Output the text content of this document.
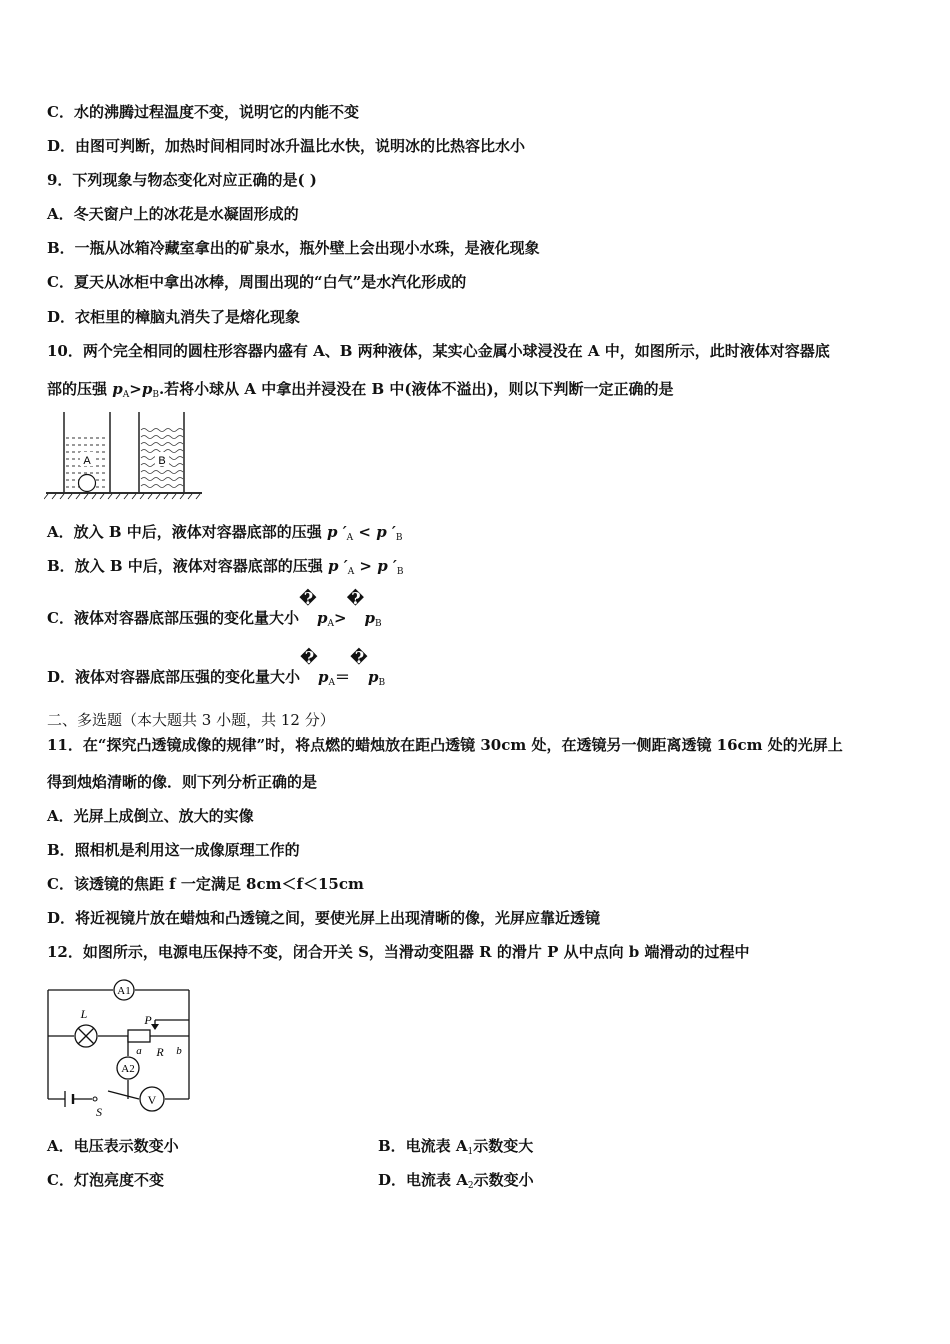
C．水的沸腾过程温度不变，说明它的内能不变
D．由图可判断，加热时间相同时冰升温比水快，说明冰的比热容比水小
9．下列现象与物态变化对应正确的是( )
A．冬天窗户上的冰花是水凝固形成的
B．一瓶从冰箱冷藏室拿出的矿泉水，瓶外壁上会出现小水珠，是液化现象
C．夏天从冰柜中拿出冰棒，周围出现的“白气”是水汽化形成的
D．衣柜里的樟脑丸消失了是熔化现象
10．两个完全相同的圆柱形容器内盛有 A、B 两种液体，某实心金属小球浸没在 A 中，如图所示，此时液体对容器底
部的压强 $p_A>p_B$.若将小球从 A 中拿出并浸没在 B 中(液体不溢出)，则以下判断一定正确的是
A	B
A．放入 B 中后，液体对容器底部的压强 p $'_A < p$ $'_B$
B．放入 B 中后，液体对容器底部的压强 p $'_A > p$ $'_B$
C．液体对容器底部压强的变化量大小
�
$p_A>$
�
$p_B$
D．液体对容器底部压强的变化量大小
�
$p_A=$
�
$p_B$
二、多选题（本大题共 3 小题，共 12 分）
11．在“探究凸透镜成像的规律”时，将点燃的蜡烛放在距凸透镜 30cm 处，在透镜另一侧距离透镜 16cm 处的光屏上
得到烛焰清晰的像．则下列分析正确的是
A．光屏上成倒立、放大的实像
B．照相机是利用这一成像原理工作的
C．该透镜的焦距 f 一定满足 8cm＜f＜15cm
D．将近视镜片放在蜡烛和凸透镜之间，要使光屏上出现清晰的像，光屏应靠近透镜
12．如图所示，电源电压保持不变，闭合开关 S，当滑动变阻器 R 的滑片 P 从中点向 b 端滑动的过程中
A1
L	P
a R b
A2
V
S
A．电压表示数变小	B．电流表 $A_1$示数变大
C．灯泡亮度不变	D．电流表 $A_2$示数变小
